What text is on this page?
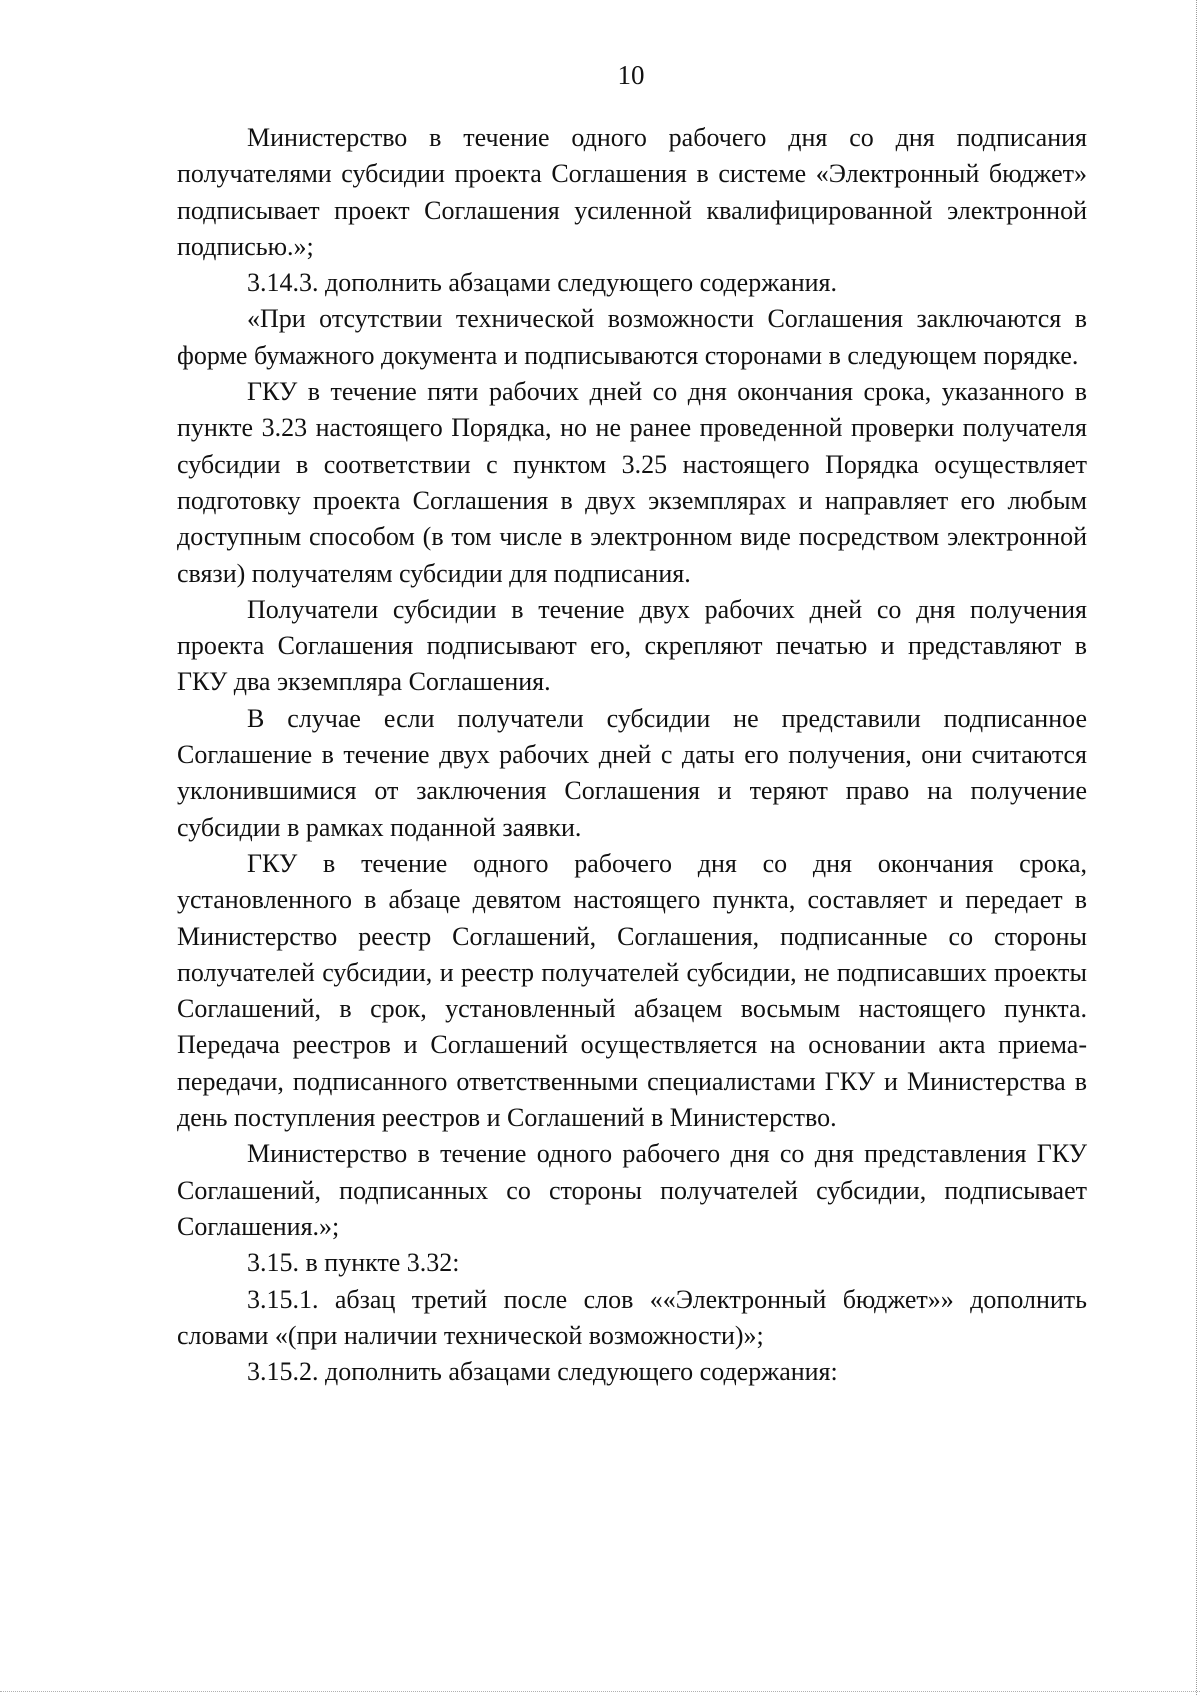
10

Министерство в течение одного рабочего дня со дня подписания получателями субсидии проекта Соглашения в системе «Электронный бюджет» подписывает проект Соглашения усиленной квалифицированной электронной подписью.»;

3.14.3. дополнить абзацами следующего содержания.

«При отсутствии технической возможности Соглашения заключаются в форме бумажного документа и подписываются сторонами в следующем порядке.

ГКУ в течение пяти рабочих дней со дня окончания срока, указанного в пункте 3.23 настоящего Порядка, но не ранее проведенной проверки получателя субсидии в соответствии с пунктом 3.25 настоящего Порядка осуществляет подготовку проекта Соглашения в двух экземплярах и направляет его любым доступным способом (в том числе в электронном виде посредством электронной связи) получателям субсидии для подписания.

Получатели субсидии в течение двух рабочих дней со дня получения проекта Соглашения подписывают его, скрепляют печатью и представляют в ГКУ два экземпляра Соглашения.

В случае если получатели субсидии не представили подписанное Соглашение в течение двух рабочих дней с даты его получения, они считаются уклонившимися от заключения Соглашения и теряют право на получение субсидии в рамках поданной заявки.

ГКУ в течение одного рабочего дня со дня окончания срока, установленного в абзаце девятом настоящего пункта, составляет и передает в Министерство реестр Соглашений, Соглашения, подписанные со стороны получателей субсидии, и реестр получателей субсидии, не подписавших проекты Соглашений, в срок, установленный абзацем восьмым настоящего пункта. Передача реестров и Соглашений осуществляется на основании акта приема-передачи, подписанного ответственными специалистами ГКУ и Министерства в день поступления реестров и Соглашений в Министерство.

Министерство в течение одного рабочего дня со дня представления ГКУ Соглашений, подписанных со стороны получателей субсидии, подписывает Соглашения.»;

3.15. в пункте 3.32:

3.15.1. абзац третий после слов ««Электронный бюджет»» дополнить словами «(при наличии технической возможности)»;

3.15.2. дополнить абзацами следующего содержания:
